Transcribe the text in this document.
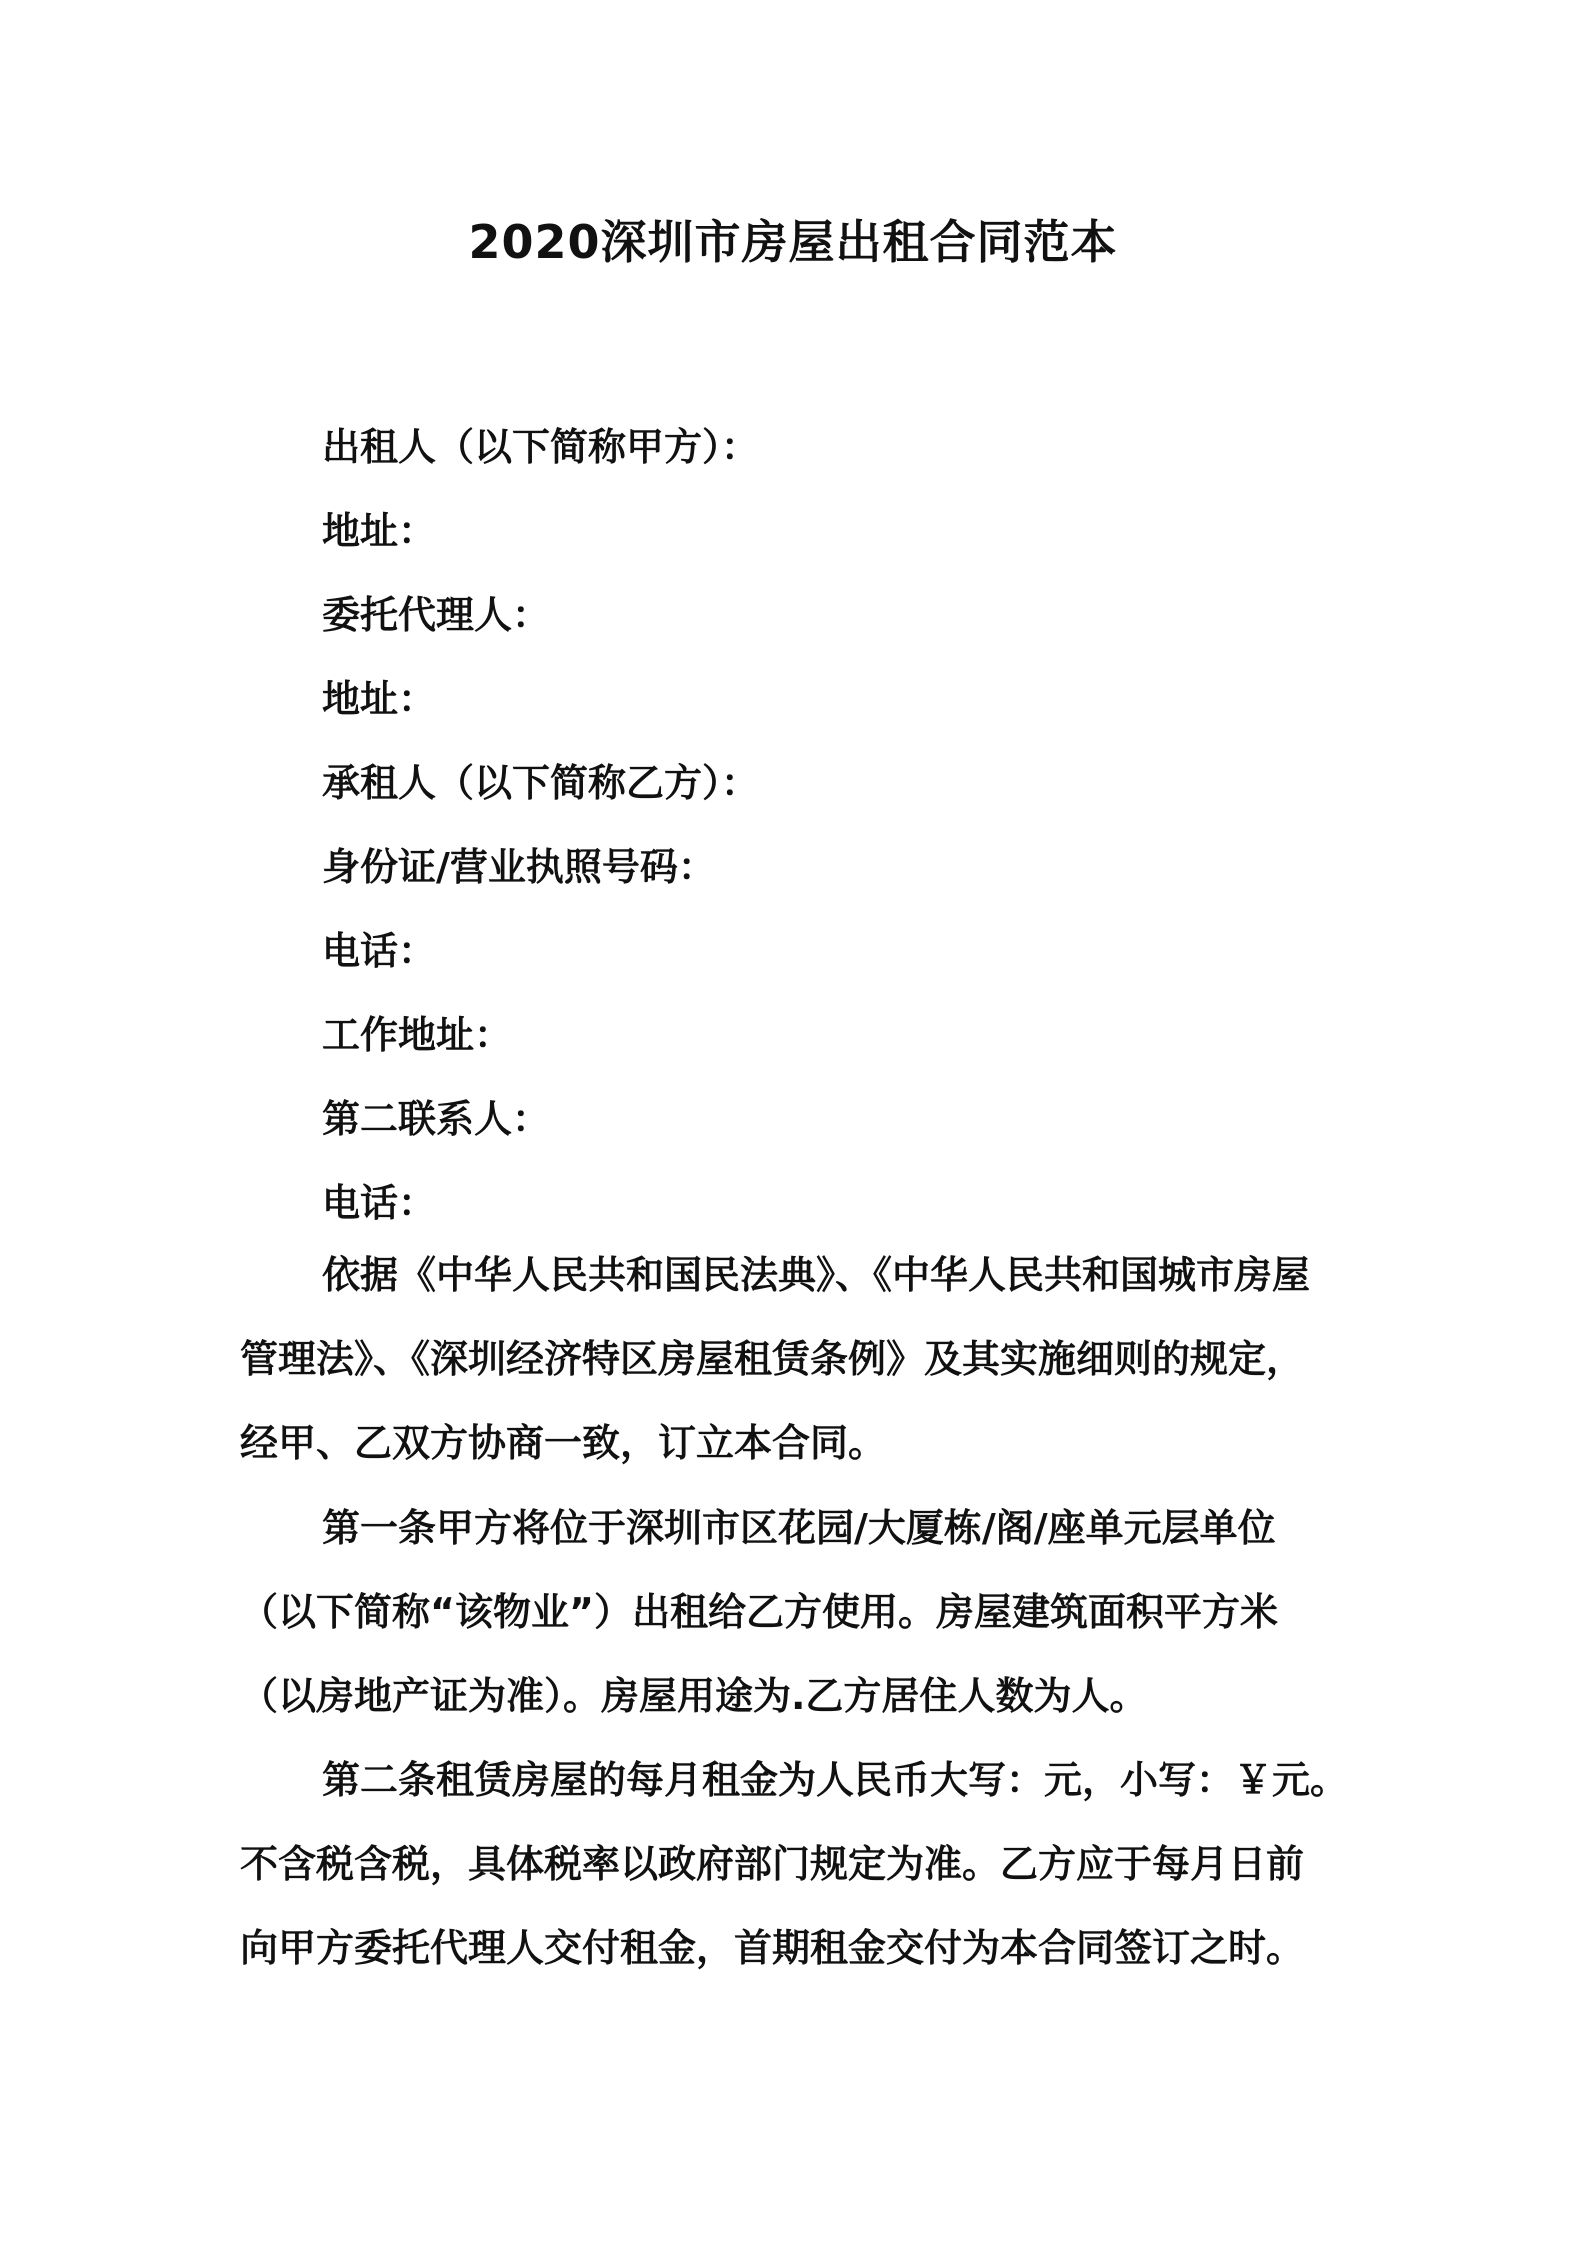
2020深圳市房屋出租合同范本
出租人（以下简称甲方）：
地址：
委托代理人：
地址：
承租人（以下简称乙方）：
身份证/营业执照号码：
电话：
工作地址：
第二联系人：
电话：

依据《中华人民共和国民法典》、《中华人民共和国城市房屋
管理法》、《深圳经济特区房屋租赁条例》及其实施细则的规定，
经甲、乙双方协商一致，订立本合同。

第一条甲方将位于深圳市区花园/大厦栋/阁/座单元层单位
（以下简称“该物业”）出租给乙方使用。房屋建筑面积平方米
（以房地产证为准）。房屋用途为.乙方居住人数为人。

第二条租赁房屋的每月租金为人民币大写：元，小写：￥元。
不含税含税，具体税率以政府部门规定为准。乙方应于每月日前
向甲方委托代理人交付租金，首期租金交付为本合同签订之时。
